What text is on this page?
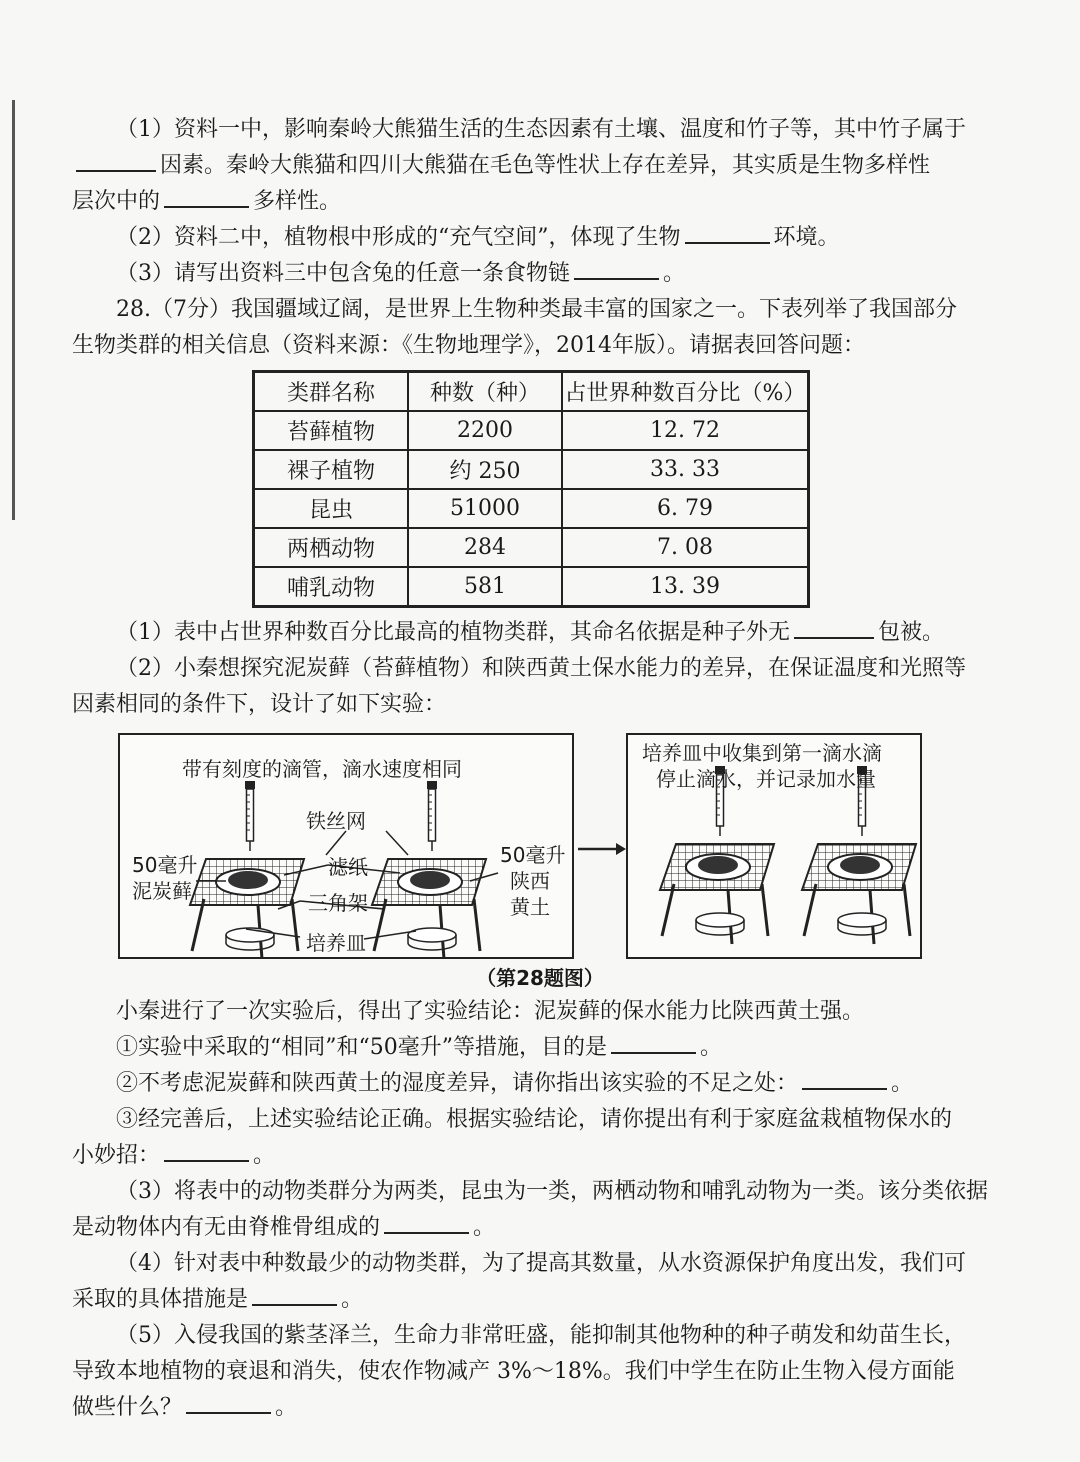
（1）资料一中，影响秦岭大熊猫生活的生态因素有土壤、温度和竹子等，其中竹子属于
因素。秦岭大熊猫和四川大熊猫在毛色等性状上存在差异，其实质是生物多样性
层次中的	多样性。
（2）资料二中，植物根中形成的“充气空间”，体现了生物	环境。
（3）请写出资料三中包含兔的任意一条食物链	。
28.（7分）我国疆域辽阔，是世界上生物种类最丰富的国家之一。下表列举了我国部分
生物类群的相关信息（资料来源：《生物地理学》，2014年版）。请据表回答问题：
类群名称	种数（种）	占世界种数百分比（%）
苔藓植物	2200	12. 72
裸子植物	约 250	33. 33
昆虫	51000	6. 79
两栖动物	284	7. 08
哺乳动物	581	13. 39
（1）表中占世界种数百分比最高的植物类群，其命名依据是种子外无	包被。
（2）小秦想探究泥炭藓（苔藓植物）和陕西黄土保水能力的差异，在保证温度和光照等
因素相同的条件下，设计了如下实验：
带有刻度的滴管，滴水速度相同
铁丝网
50毫升
泥炭藓
滤纸
三角架
培养皿
50毫升
陕西
黄土
培养皿中收集到第一滴水滴
停止滴水，并记录加水量
（第28题图）
小秦进行了一次实验后，得出了实验结论：泥炭藓的保水能力比陕西黄土强。
①实验中采取的“相同”和“50毫升”等措施，目的是	。
②不考虑泥炭藓和陕西黄土的湿度差异，请你指出该实验的不足之处：	。
③经完善后，上述实验结论正确。根据实验结论，请你提出有利于家庭盆栽植物保水的
小妙招：	。
（3）将表中的动物类群分为两类，昆虫为一类，两栖动物和哺乳动物为一类。该分类依据
是动物体内有无由脊椎骨组成的	。
（4）针对表中种数最少的动物类群，为了提高其数量，从水资源保护角度出发，我们可
采取的具体措施是	。
（5）入侵我国的紫茎泽兰，生命力非常旺盛，能抑制其他物种的种子萌发和幼苗生长，
导致本地植物的衰退和消失，使农作物减产 3%～18%。我们中学生在防止生物入侵方面能
做些什么？	。
